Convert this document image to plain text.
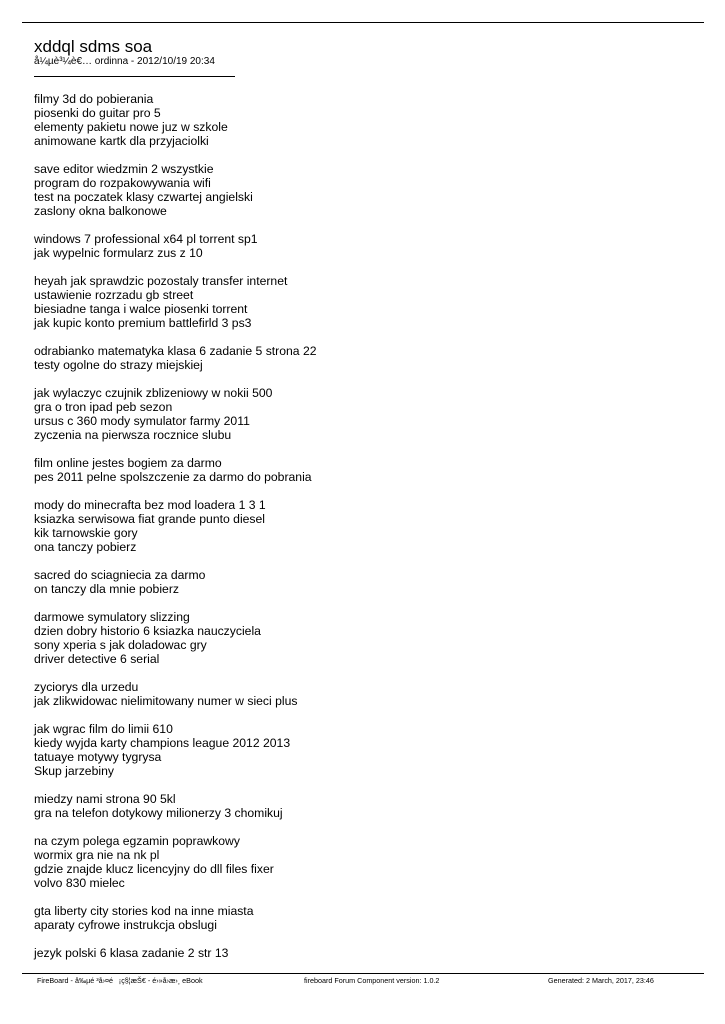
xddql sdms soa
å¼µè³¼è€… ordinna - 2012/10/19 20:34
filmy 3d do pobierania
piosenki do guitar pro 5
elementy pakietu nowe juz w szkole
animowane kartk dla przyjaciolki
save editor wiedzmin 2 wszystkie
program do rozpakowywania wifi
test na poczatek klasy czwartej angielski
zaslony okna balkonowe
windows 7 professional x64 pl torrent sp1
jak wypelnic formularz zus z 10
heyah jak sprawdzic pozostaly transfer internet
ustawienie rozrzadu gb street
biesiadne tanga i walce piosenki torrent
jak kupic konto premium battlefirld 3 ps3
odrabianko matematyka klasa 6 zadanie 5 strona 22
testy ogolne do strazy miejskiej
jak wylaczyc czujnik zblizeniowy w nokii 500
gra o tron ipad peb sezon
ursus c 360 mody symulator farmy 2011
zyczenia na pierwsza rocznice slubu
film online jestes bogiem za darmo
pes 2011 pelne spolszczenie za darmo do pobrania
mody do minecrafta bez mod loadera 1 3 1
ksiazka serwisowa fiat grande punto diesel
kik tarnowskie gory
ona tanczy pobierz
sacred do sciagniecia za darmo
on tanczy dla mnie pobierz
darmowe symulatory slizzing
dzien dobry historio 6 ksiazka nauczyciela
sony xperia s jak doladowac gry
driver detective 6 serial
zyciorys dla urzedu
jak zlikwidowac nielimitowany numer w sieci plus
jak wgrac film do limii 610
kiedy wyjda karty champions league 2012 2013
tatuaye motywy tygrysa
Skup jarzebiny
miedzy nami strona 90 5kl
gra na telefon dotykowy milionerzy 3 chomikuj
na czym polega egzamin poprawkowy
wormix gra nie na nk pl
gdzie znajde klucz licencyjny do dll files fixer
volvo 830 mielec
gta liberty city stories kod na inne miasta
aparaty cyfrowe instrukcja obslugi
jezyk polski 6 klasa zadanie 2 str 13
FireBoard - å‰µé ³å›¤é¡ç§¦æŠ€ - é›»å›æ›¸ eBook	fireboard Forum Component version: 1.0.2	Generated: 2 March, 2017, 23:46
